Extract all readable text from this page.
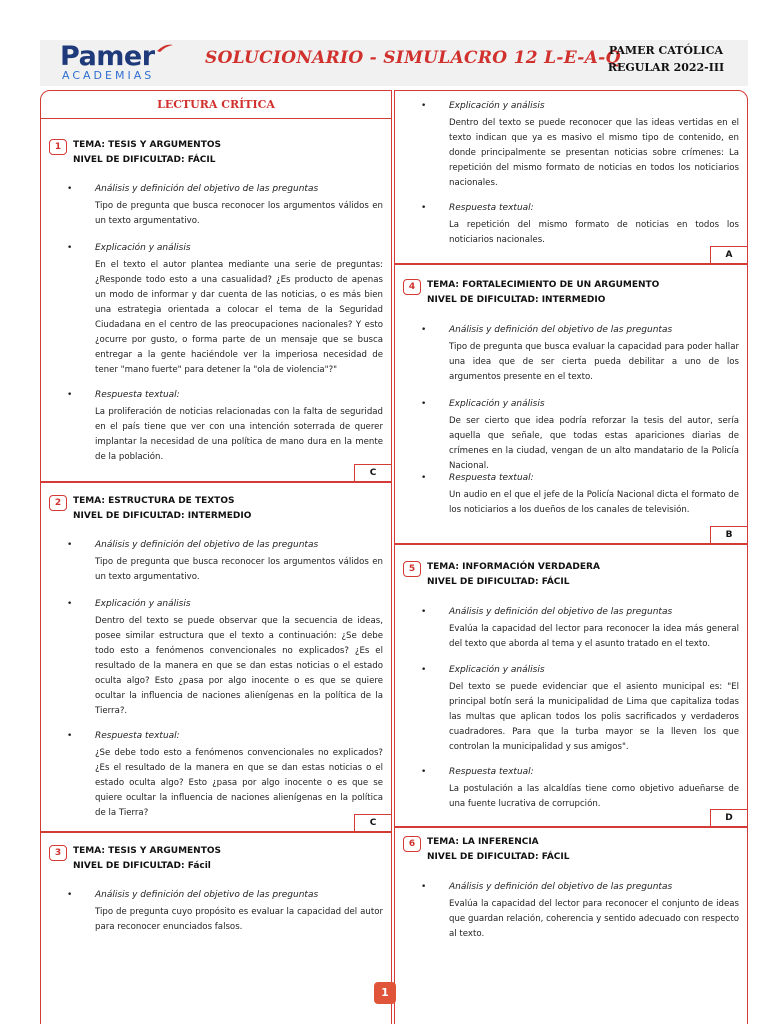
Pamer
ACADEMIAS
SOLUCIONARIO - SIMULACRO 12 L-E-A-Q
PAMER CATÓLICA
REGULAR 2022-III
LECTURA CRÍTICA
1	TEMA: TESIS Y ARGUMENTOS
NIVEL DE DIFICULTAD: FÁCIL
•	Análisis y definición del objetivo de las preguntas
Tipo de pregunta que busca reconocer los argumentos válidos en un texto argumentativo.
•	Explicación y análisis
En el texto el autor plantea mediante una serie de preguntas: ¿Responde todo esto a una casualidad? ¿Es producto de apenas un modo de informar y dar cuenta de las noticias, o es más bien una estrategia orientada a colocar el tema de la Seguridad Ciudadana en el centro de las preocupaciones nacionales? Y esto ¿ocurre por gusto, o forma parte de un mensaje que se busca entregar a la gente haciéndole ver la imperiosa necesidad de tener "mano fuerte" para detener la "ola de violencia"?"
•	Respuesta textual:
La proliferación de noticias relacionadas con la falta de seguridad en el país tiene que ver con una intención soterrada de querer implantar la necesidad de una política de mano dura en la mente de la población.
C
2	TEMA: ESTRUCTURA DE TEXTOS
NIVEL DE DIFICULTAD: INTERMEDIO
•	Análisis y definición del objetivo de las preguntas
Tipo de pregunta que busca reconocer los argumentos válidos en un texto argumentativo.
•	Explicación y análisis
Dentro del texto se puede observar que la secuencia de ideas, posee similar estructura que el texto a continuación: ¿Se debe todo esto a fenómenos convencionales no explicados? ¿Es el resultado de la manera en que se dan estas noticias o el estado oculta algo? Esto ¿pasa por algo inocente o es que se quiere ocultar la influencia de naciones alienígenas en la política de la Tierra?.
•	Respuesta textual:
¿Se debe todo esto a fenómenos convencionales no explicados? ¿Es el resultado de la manera en que se dan estas noticias o el estado oculta algo? Esto ¿pasa por algo inocente o es que se quiere ocultar la influencia de naciones alienígenas en la política de la Tierra?
C
3	TEMA: TESIS Y ARGUMENTOS
NIVEL DE DIFICULTAD: Fácil
•	Análisis y definición del objetivo de las preguntas
Tipo de pregunta cuyo propósito es evaluar la capacidad del autor para reconocer enunciados falsos.
•	Explicación y análisis
Dentro del texto se puede reconocer que las ideas vertidas en el texto indican que ya es masivo el mismo tipo de contenido, en donde principalmente se presentan noticias sobre crímenes: La repetición del mismo formato de noticias en todos los noticiarios nacionales.
•	Respuesta textual:
La repetición del mismo formato de noticias en todos los noticiarios nacionales.
A
4	TEMA: FORTALECIMIENTO DE UN ARGUMENTO
NIVEL DE DIFICULTAD: INTERMEDIO
•	Análisis y definición del objetivo de las preguntas
Tipo de pregunta que busca evaluar la capacidad para poder hallar una idea que de ser cierta pueda debilitar a uno de los argumentos presente en el texto.
•	Explicación y análisis
De ser cierto que idea podría reforzar la tesis del autor, sería aquella que señale, que todas estas apariciones diarias de crímenes en la ciudad, vengan de un alto mandatario de la Policía Nacional.
•	Respuesta textual:
Un audio en el que el jefe de la Policía Nacional dicta el formato de los noticiarios a los dueños de los canales de televisión.
B
5	TEMA: INFORMACIÓN VERDADERA
NIVEL DE DIFICULTAD: FÁCIL
•	Análisis y definición del objetivo de las preguntas
Evalúa la capacidad del lector para reconocer la idea más general del texto que aborda al tema y el asunto tratado en el texto.
•	Explicación y análisis
Del texto se puede evidenciar que el asiento municipal es: "El principal botín será la municipalidad de Lima que capitaliza todas las multas que aplican todos los polis sacrificados y verdaderos cuadradores. Para que la turba mayor se la lleven los que controlan la municipalidad y sus amigos".
•	Respuesta textual:
La postulación a las alcaldías tiene como objetivo adueñarse de una fuente lucrativa de corrupción.
D
6	TEMA: LA INFERENCIA
NIVEL DE DIFICULTAD: FÁCIL
•	Análisis y definición del objetivo de las preguntas
Evalúa la capacidad del lector para reconocer el conjunto de ideas que guardan relación, coherencia y sentido adecuado con respecto al texto.
1
